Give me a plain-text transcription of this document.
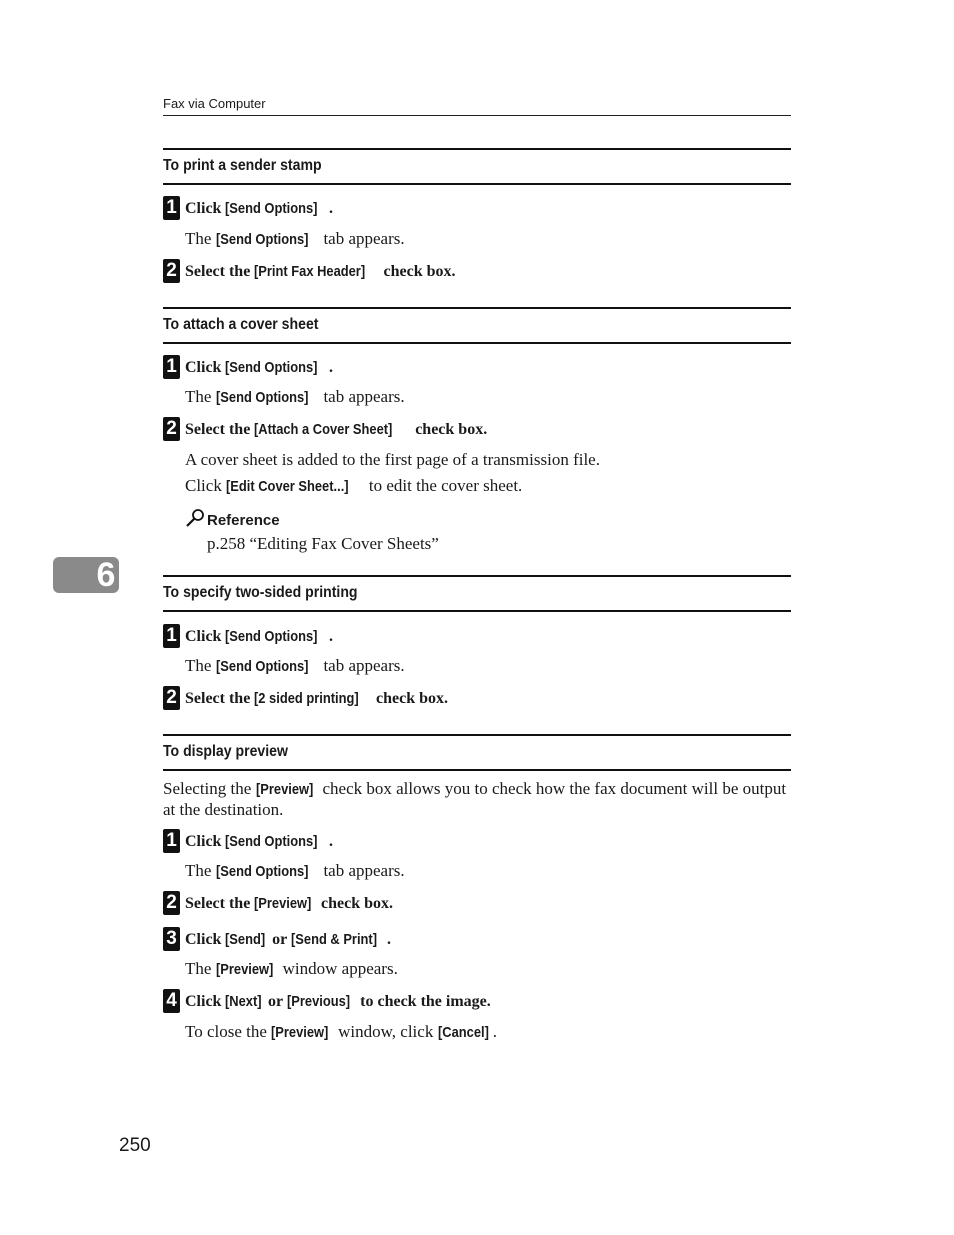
Fax via Computer
To print a sender stamp
1 Click [Send Options] .
The [Send Options] tab appears.
2 Select the [Print Fax Header] check box.
To attach a cover sheet
1 Click [Send Options] .
The [Send Options] tab appears.
2 Select the [Attach a Cover Sheet] check box.
A cover sheet is added to the first page of a transmission file.
Click [Edit Cover Sheet...] to edit the cover sheet.
Reference
p.258 “Editing Fax Cover Sheets”
6	To specify two-sided printing
1 Click [Send Options] .
The [Send Options] tab appears.
2 Select the [2 sided printing] check box.
To display preview
Selecting the [Preview] check box allows you to check how the fax document will be output at the destination.
1 Click [Send Options] .
The [Send Options] tab appears.
2 Select the [Preview] check box.
3 Click [Send] or [Send & Print] .
The [Preview] window appears.
4 Click [Next] or [Previous] to check the image.
To close the [Preview] window, click [Cancel] .
250
